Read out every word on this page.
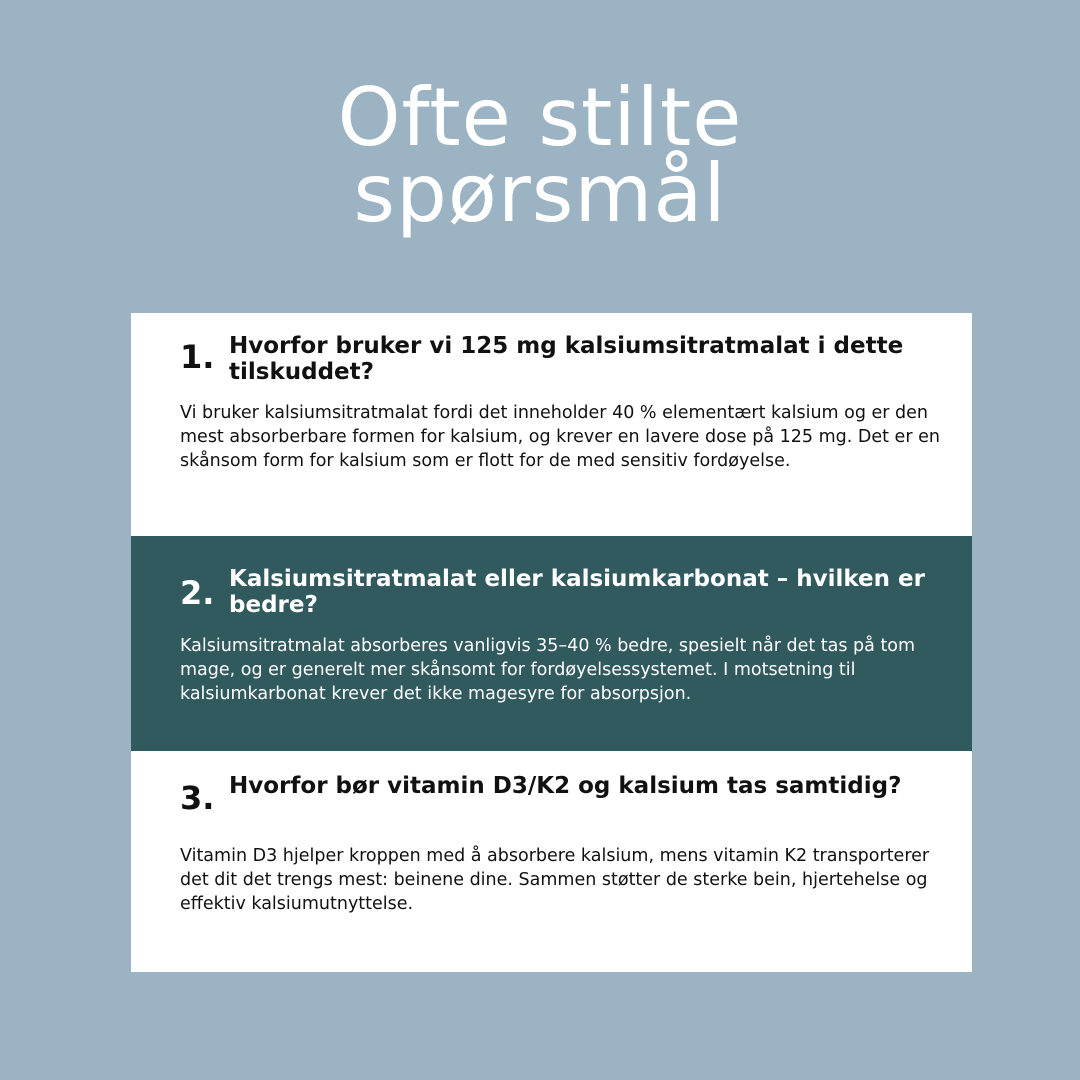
Ofte stilte
spørsmål
1. Hvorfor bruker vi 125 mg kalsiumsitratmalat i dette tilskuddet?

Vi bruker kalsiumsitratmalat fordi det inneholder 40 % elementært kalsium og er den mest absorberbare formen for kalsium, og krever en lavere dose på 125 mg. Det er en skånsom form for kalsium som er flott for de med sensitiv fordøyelse.

2. Kalsiumsitratmalat eller kalsiumkarbonat – hvilken er bedre?

Kalsiumsitratmalat absorberes vanligvis 35–40 % bedre, spesielt når det tas på tom mage, og er generelt mer skånsomt for fordøyelsessystemet. I motsetning til kalsiumkarbonat krever det ikke magesyre for absorpsjon.

3. Hvorfor bør vitamin D3/K2 og kalsium tas samtidig?

Vitamin D3 hjelper kroppen med å absorbere kalsium, mens vitamin K2 transporterer det dit det trengs mest: beinene dine. Sammen støtter de sterke bein, hjertehelse og effektiv kalsiumutnyttelse.
